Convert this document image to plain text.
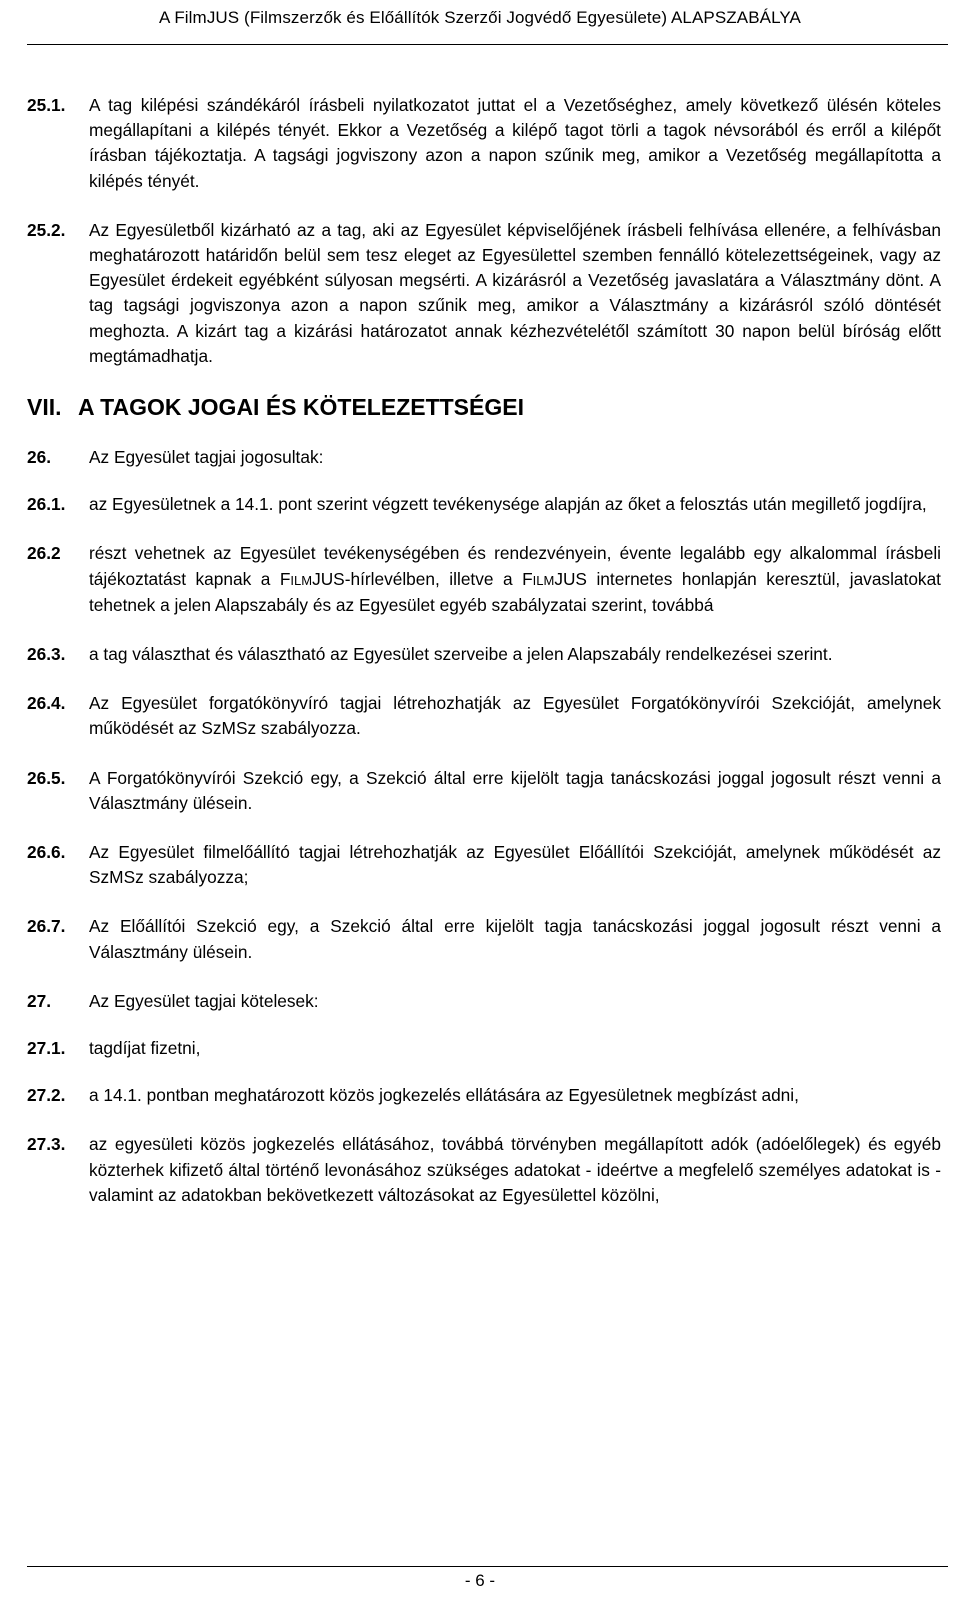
A FilmJUS (Filmszerzők és Előállítók Szerzői Jogvédő Egyesülete) ALAPSZABÁLYA
25.1.	A tag kilépési szándékáról írásbeli nyilatkozatot juttat el a Vezetőséghez, amely következő ülésén köteles megállapítani a kilépés tényét. Ekkor a Vezetőség a kilépő tagot törli a tagok névsorából és erről a kilépőt írásban tájékoztatja. A tagsági jogviszony azon a napon szűnik meg, amikor a Vezetőség megállapította a kilépés tényét.
25.2.	Az Egyesületből kizárható az a tag, aki az Egyesület képviselőjének írásbeli felhívása ellenére, a felhívásban meghatározott határidőn belül sem tesz eleget az Egyesülettel szemben fennálló kötelezettségeinek, vagy az Egyesület érdekeit egyébként súlyosan megsérti. A kizárásról a Vezetőség javaslatára a Választmány dönt. A tag tagsági jogviszonya azon a napon szűnik meg, amikor a Választmány a kizárásról szóló döntését meghozta. A kizárt tag a kizárási határozatot annak kézhezvételétől számított 30 napon belül bíróság előtt megtámadhatja.
VII. A TAGOK JOGAI ÉS KÖTELEZETTSÉGEI
26.	Az Egyesület tagjai jogosultak:
26.1.	az Egyesületnek a 14.1. pont szerint végzett tevékenysége alapján az őket a felosztás után megillető jogdíjra,
26.2	részt vehetnek az Egyesület tevékenységében és rendezvényein, évente legalább egy alkalommal írásbeli tájékoztatást kapnak a FILMJUS-hírlevélben, illetve a FILMJUS internetes honlapján keresztül, javaslatokat tehetnek a jelen Alapszabály és az Egyesület egyéb szabályzatai szerint, továbbá
26.3.	a tag választhat és választható az Egyesület szerveibe a jelen Alapszabály rendelkezései szerint.
26.4.	Az Egyesület forgatókönyvíró tagjai létrehozhatják az Egyesület Forgatókönyvírói Szekcióját, amelynek működését az SzMSz szabályozza.
26.5.	A Forgatókönyvírói Szekció egy, a Szekció által erre kijelölt tagja tanácskozási joggal jogosult részt venni a Választmány ülésein.
26.6.	Az Egyesület filmelőállító tagjai létrehozhatják az Egyesület Előállítói Szekcióját, amelynek működését az SzMSz szabályozza;
26.7.	Az Előállítói Szekció egy, a Szekció által erre kijelölt tagja tanácskozási joggal jogosult részt venni a Választmány ülésein.
27.	Az Egyesület tagjai kötelesek:
27.1.	tagdíjat fizetni,
27.2.	a 14.1. pontban meghatározott közös jogkezelés ellátására az Egyesületnek megbízást adni,
27.3.	az egyesületi közös jogkezelés ellátásához, továbbá törvényben megállapított adók (adóelőlegek) és egyéb közterhek kifizető által történő levonásához szükséges adatokat - ideértve a megfelelő személyes adatokat is - valamint az adatokban bekövetkezett változásokat az Egyesülettel közölni,
- 6 -
